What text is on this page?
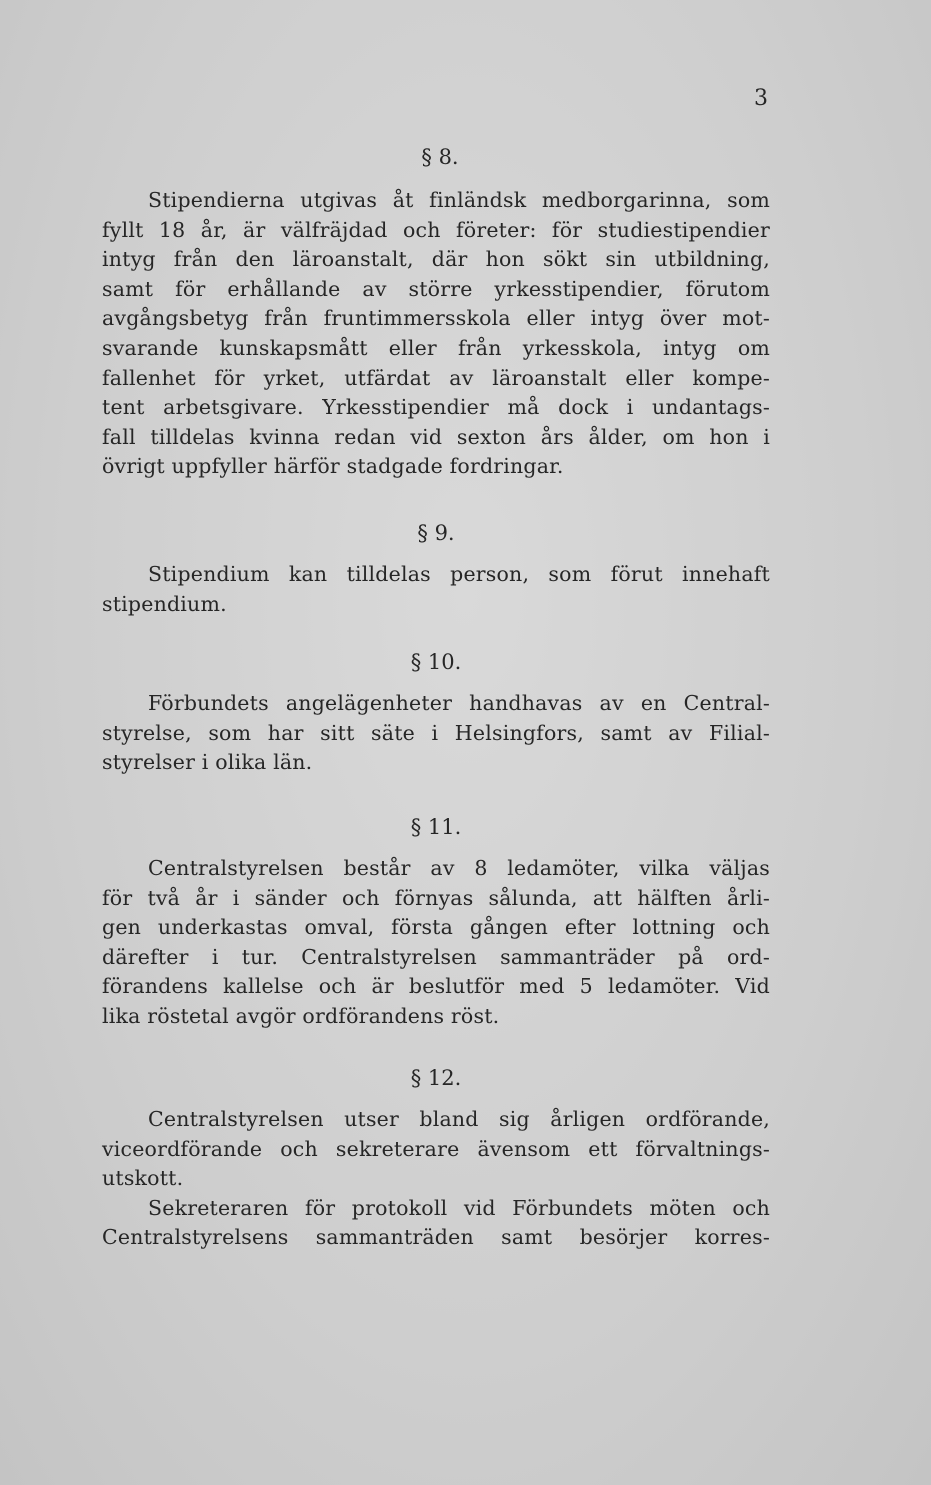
3
§ 8.
Stipendierna utgivas åt finländsk medborgarinna, som
fyllt 18 år, är välfräjdad och företer: för studiestipendier
intyg från den läroanstalt, där hon sökt sin utbildning,
samt för erhållande av större yrkesstipendier, förutom
avgångsbetyg från fruntimmersskola eller intyg över mot-
svarande kunskapsmått eller från yrkesskola, intyg om
fallenhet för yrket, utfärdat av läroanstalt eller kompe-
tent arbetsgivare. Yrkesstipendier må dock i undantags-
fall tilldelas kvinna redan vid sexton års ålder, om hon i
övrigt uppfyller härför stadgade fordringar.
§ 9.
Stipendium kan tilldelas person, som förut innehaft
stipendium.
§ 10.
Förbundets angelägenheter handhavas av en Central-
styrelse, som har sitt säte i Helsingfors, samt av Filial-
styrelser i olika län.
§ 11.
Centralstyrelsen består av 8 ledamöter, vilka väljas
för två år i sänder och förnyas sålunda, att hälften årli-
gen underkastas omval, första gången efter lottning och
därefter i tur. Centralstyrelsen sammanträder på ord-
förandens kallelse och är beslutför med 5 ledamöter. Vid
lika röstetal avgör ordförandens röst.
§ 12.
Centralstyrelsen utser bland sig årligen ordförande,
viceordförande och sekreterare ävensom ett förvaltnings-
utskott.
Sekreteraren för protokoll vid Förbundets möten och
Centralstyrelsens sammanträden samt besörjer korres-
